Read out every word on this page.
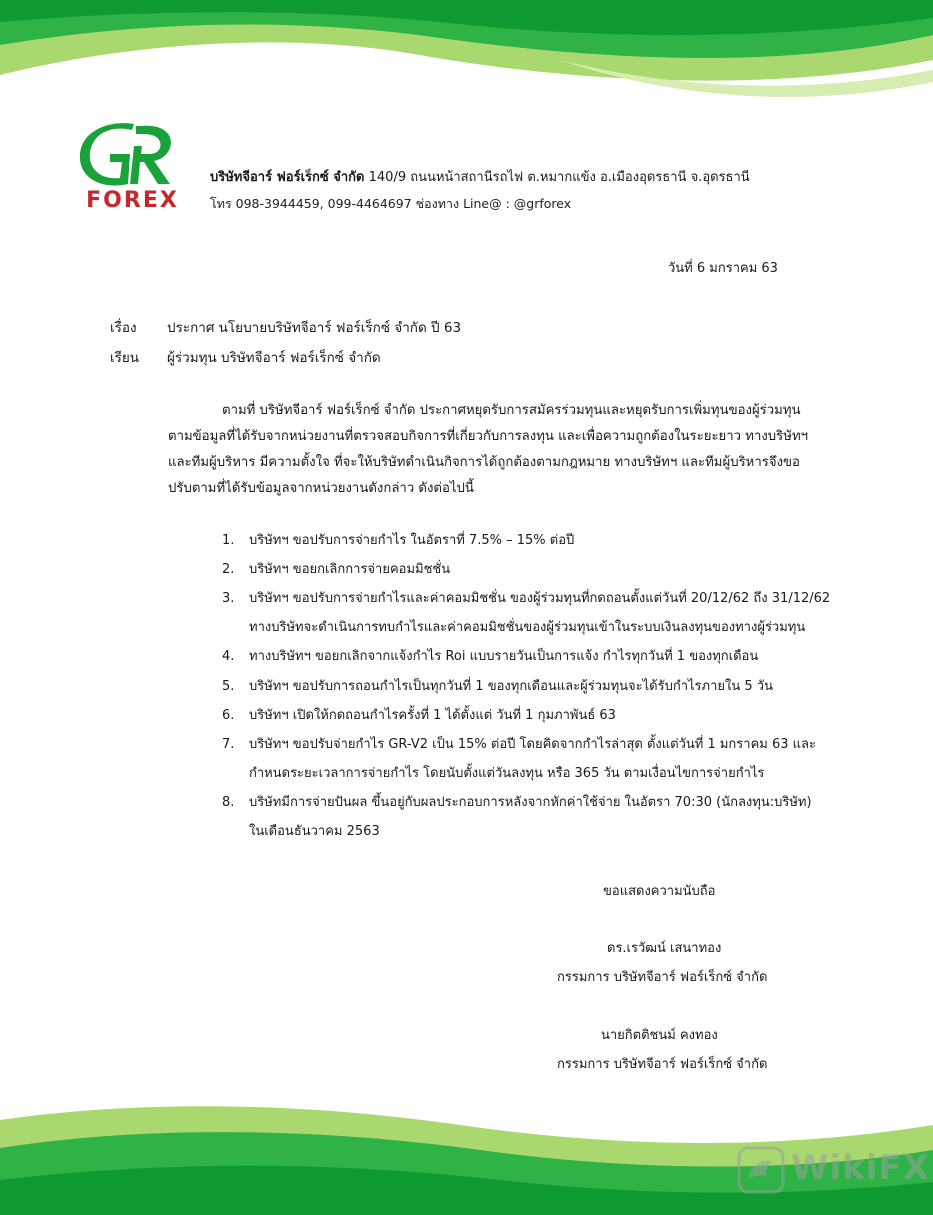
FOREX
บริษัทจีอาร์ ฟอร์เร็กซ์ จำกัด 140/9 ถนนหน้าสถานีรถไฟ ต.หมากแข้ง อ.เมืองอุดรธานี จ.อุดรธานี
โทร 098-3944459, 099-4464697 ช่องทาง Line@ : @grforex
วันที่ 6 มกราคม 63
เรื่อง ประกาศ นโยบายบริษัทจีอาร์ ฟอร์เร็กซ์ จำกัด ปี 63
เรียน ผู้ร่วมทุน บริษัทจีอาร์ ฟอร์เร็กซ์ จำกัด
ตามที่ บริษัทจีอาร์ ฟอร์เร็กซ์ จำกัด ประกาศหยุดรับการสมัครร่วมทุนและหยุดรับการเพิ่มทุนของผู้ร่วมทุน
ตามข้อมูลที่ได้รับจากหน่วยงานที่ตรวจสอบกิจการที่เกี่ยวกับการลงทุน และเพื่อความถูกต้องในระยะยาว ทางบริษัทฯ
และทีมผู้บริหาร มีความตั้งใจ ที่จะให้บริษัทดำเนินกิจการได้ถูกต้องตามกฎหมาย ทางบริษัทฯ และทีมผู้บริหารจึงขอ
ปรับตามที่ได้รับข้อมูลจากหน่วยงานดังกล่าว ดังต่อไปนี้
1. บริษัทฯ ขอปรับการจ่ายกำไร ในอัตราที่ 7.5% – 15% ต่อปี
2. บริษัทฯ ขอยกเลิกการจ่ายคอมมิชชั่น
3. บริษัทฯ ขอปรับการจ่ายกำไรและค่าคอมมิชชั่น ของผู้ร่วมทุนที่กดถอนตั้งแต่วันที่ 20/12/62 ถึง 31/12/62
ทางบริษัทจะดำเนินการทบกำไรและค่าคอมมิชชั่นของผู้ร่วมทุนเข้าในระบบเงินลงทุนของทางผู้ร่วมทุน
4. ทางบริษัทฯ ขอยกเลิกจากแจ้งกำไร Roi แบบรายวันเป็นการแจ้ง กำไรทุกวันที่ 1 ของทุกเดือน
5. บริษัทฯ ขอปรับการถอนกำไรเป็นทุกวันที่ 1 ของทุกเดือนและผู้ร่วมทุนจะได้รับกำไรภายใน 5 วัน
6. บริษัทฯ เปิดให้กดถอนกำไรครั้งที่ 1 ได้ตั้งแต่ วันที่ 1 กุมภาพันธ์ 63
7. บริษัทฯ ขอปรับจ่ายกำไร GR-V2 เป็น 15% ต่อปี โดยคิดจากกำไรล่าสุด ตั้งแต่วันที่ 1 มกราคม 63 และ
กำหนดระยะเวลาการจ่ายกำไร โดยนับตั้งแต่วันลงทุน หรือ 365 วัน ตามเงื่อนไขการจ่ายกำไร
8. บริษัทมีการจ่ายปันผล ขึ้นอยู่กับผลประกอบการหลังจากหักค่าใช้จ่าย ในอัตรา 70:30 (นักลงทุน:บริษัท)
ในเดือนธันวาคม 2563
ขอแสดงความนับถือ
ดร.เรวัฒน์ เสนาทอง
กรรมการ บริษัทจีอาร์ ฟอร์เร็กซ์ จำกัด
นายกิตติชนม์ คงทอง
กรรมการ บริษัทจีอาร์ ฟอร์เร็กซ์ จำกัด
WikiFX
